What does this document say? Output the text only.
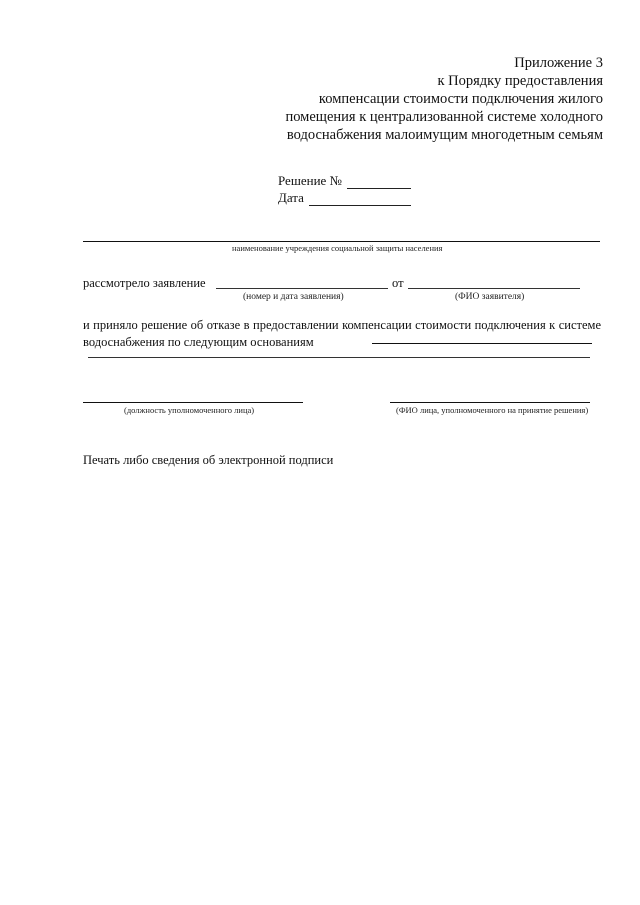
Приложение 3
к Порядку предоставления
компенсации стоимости подключения жилого
помещения к централизованной системе холодного
водоснабжения малоимущим многодетным семьям
Решение №
Дата
наименование учреждения социальной защиты населения
рассмотрело заявление	от
(номер и дата заявления)	(ФИО заявителя)
и приняло решение об отказе в предоставлении компенсации стоимости подключения к системе водоснабжения по следующим основаниям
(должность уполномоченного лица)	(ФИО лица, уполномоченного на принятие решения)
Печать либо сведения об электронной подписи
